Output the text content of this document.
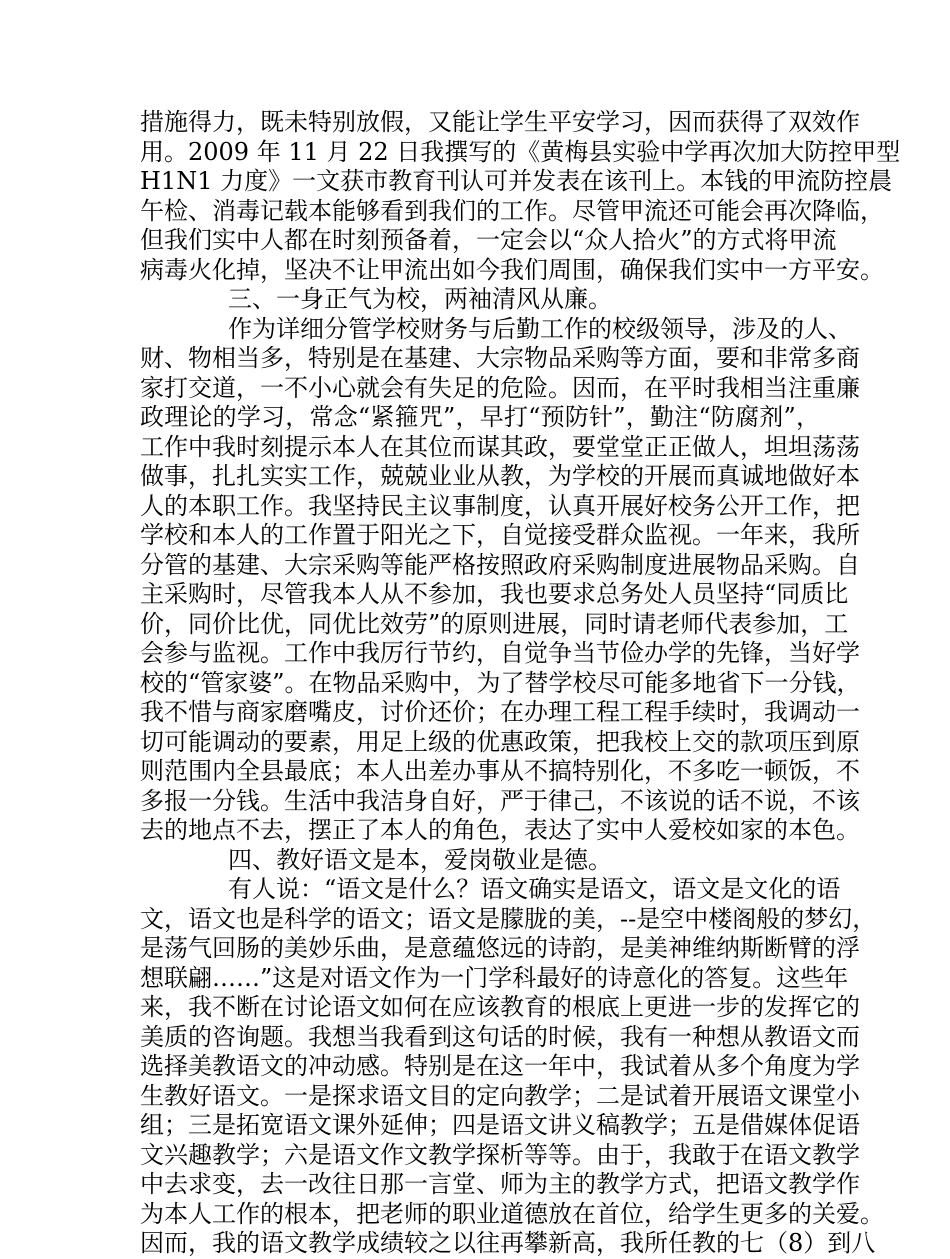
措施得力，既未特别放假，又能让学生平安学习，因而获得了双效作
用。2009 年 11 月 22 日我撰写的《黄梅县实验中学再次加大防控甲型
H1N1 力度》一文获市教育刊认可并发表在该刊上。本钱的甲流防控晨
午检、消毒记载本能够看到我们的工作。尽管甲流还可能会再次降临，
但我们实中人都在时刻预备着，一定会以“众人拾火”的方式将甲流
病毒火化掉，坚决不让甲流出如今我们周围，确保我们实中一方平安。
三、一身正气为校，两袖清风从廉。
作为详细分管学校财务与后勤工作的校级领导，涉及的人、
财、物相当多，特别是在基建、大宗物品采购等方面，要和非常多商
家打交道，一不小心就会有失足的危险。因而，在平时我相当注重廉
政理论的学习，常念“紧箍咒”，早打“预防针”，勤注“防腐剂”，
工作中我时刻提示本人在其位而谋其政，要堂堂正正做人，坦坦荡荡
做事，扎扎实实工作，兢兢业业从教，为学校的开展而真诚地做好本
人的本职工作。我坚持民主议事制度，认真开展好校务公开工作，把
学校和本人的工作置于阳光之下，自觉接受群众监视。一年来，我所
分管的基建、大宗采购等能严格按照政府采购制度进展物品采购。自
主采购时，尽管我本人从不参加，我也要求总务处人员坚持“同质比
价，同价比优，同优比效劳”的原则进展，同时请老师代表参加，工
会参与监视。工作中我厉行节约，自觉争当节俭办学的先锋，当好学
校的“管家婆”。在物品采购中，为了替学校尽可能多地省下一分钱，
我不惜与商家磨嘴皮，讨价还价；在办理工程工程手续时，我调动一
切可能调动的要素，用足上级的优惠政策，把我校上交的款项压到原
则范围内全县最底；本人出差办事从不搞特别化，不多吃一顿饭，不
多报一分钱。生活中我洁身自好，严于律己，不该说的话不说，不该
去的地点不去，摆正了本人的角色，表达了实中人爱校如家的本色。
四、教好语文是本，爱岗敬业是德。
有人说：“语文是什么？语文确实是语文，语文是文化的语
文，语文也是科学的语文；语文是朦胧的美，--是空中楼阁般的梦幻，
是荡气回肠的美妙乐曲，是意蕴悠远的诗韵，是美神维纳斯断臂的浮
想联翩……”这是对语文作为一门学科最好的诗意化的答复。这些年
来，我不断在讨论语文如何在应该教育的根底上更进一步的发挥它的
美质的咨询题。我想当我看到这句话的时候，我有一种想从教语文而
选择美教语文的冲动感。特别是在这一年中，我试着从多个角度为学
生教好语文。一是探求语文目的定向教学；二是试着开展语文课堂小
组；三是拓宽语文课外延伸；四是语文讲义稿教学；五是借媒体促语
文兴趣教学；六是语文作文教学探析等等。由于，我敢于在语文教学
中去求变，去一改往日那一言堂、师为主的教学方式，把语文教学作
为本人工作的根本，把老师的职业道德放在首位，给学生更多的关爱。
因而，我的语文教学成绩较之以往再攀新高，我所任教的七（8）到八
